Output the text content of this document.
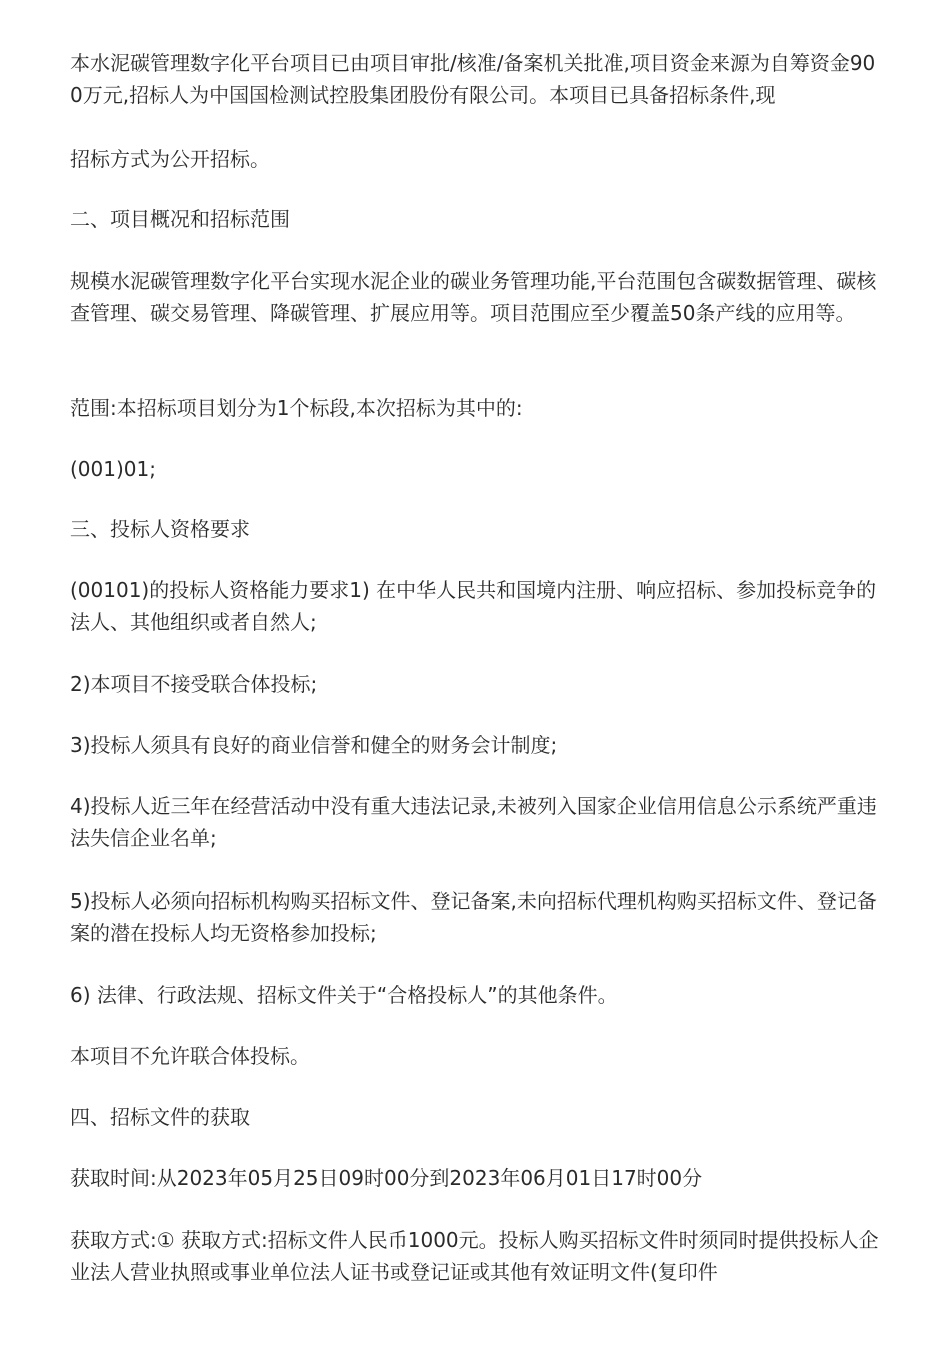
本水泥碳管理数字化平台项目已由项目审批/核准/备案机关批准,项目资金来源为自筹资金900万元,招标人为中国国检测试控股集团股份有限公司。本项目已具备招标条件,现

招标方式为公开招标。

二、项目概况和招标范围

规模水泥碳管理数字化平台实现水泥企业的碳业务管理功能,平台范围包含碳数据管理、碳核查管理、碳交易管理、降碳管理、扩展应用等。项目范围应至少覆盖50条产线的应用等。

范围:本招标项目划分为1个标段,本次招标为其中的:

(001)01;

三、投标人资格要求

(00101)的投标人资格能力要求1) 在中华人民共和国境内注册、响应招标、参加投标竞争的法人、其他组织或者自然人;

2)本项目不接受联合体投标;

3)投标人须具有良好的商业信誉和健全的财务会计制度;

4)投标人近三年在经营活动中没有重大违法记录,未被列入国家企业信用信息公示系统严重违法失信企业名单;

5)投标人必须向招标机构购买招标文件、登记备案,未向招标代理机构购买招标文件、登记备案的潜在投标人均无资格参加投标;

6) 法律、行政法规、招标文件关于“合格投标人”的其他条件。

本项目不允许联合体投标。

四、招标文件的获取

获取时间:从2023年05月25日09时00分到2023年06月01日17时00分

获取方式:① 获取方式:招标文件人民币1000元。投标人购买招标文件时须同时提供投标人企业法人营业执照或事业单位法人证书或登记证或其他有效证明文件(复印件
